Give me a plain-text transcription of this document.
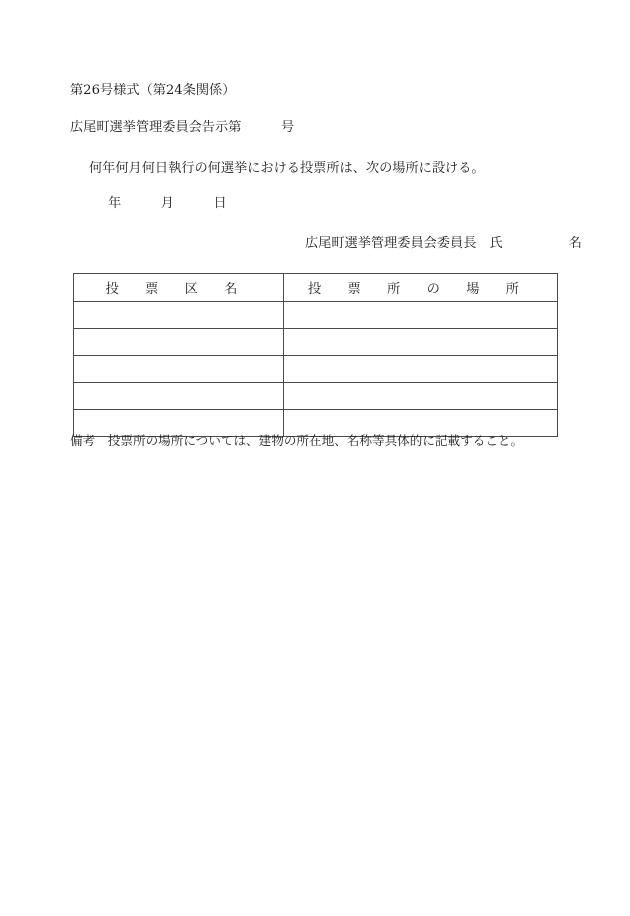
第26号様式（第24条関係）
広尾町選挙管理委員会告示第　　　号
何年何月何日執行の何選挙における投票所は、次の場所に設ける。
年　　　月　　　日
広尾町選挙管理委員会委員長　氏　　　　　名
投　　票　　区　　名	投　　票　　所　　の　　場　　所

備考　投票所の場所については、建物の所在地、名称等具体的に記載すること。
